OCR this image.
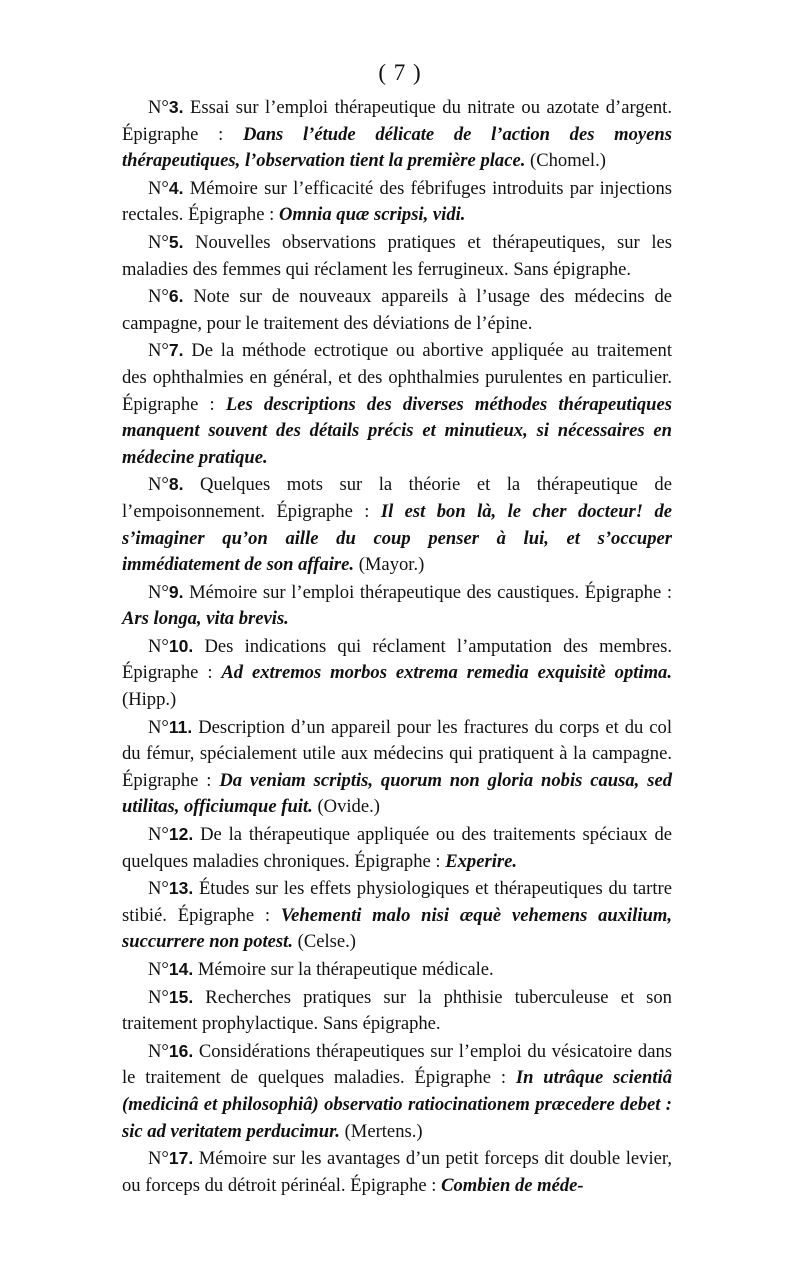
( 7 )

N°3. Essai sur l’emploi thérapeutique du nitrate ou azotate d’argent. Épigraphe : Dans l’étude délicate de l’action des moyens thérapeutiques, l’observation tient la première place. (Chomel.)

N°4. Mémoire sur l’efficacité des fébrifuges introduits par injections rectales. Épigraphe : Omnia quæ scripsi, vidi.

N°5. Nouvelles observations pratiques et thérapeutiques, sur les maladies des femmes qui réclament les ferrugineux. Sans épigraphe.

N°6. Note sur de nouveaux appareils à l’usage des médecins de campagne, pour le traitement des déviations de l’épine.

N°7. De la méthode ectrotique ou abortive appliquée au traitement des ophthalmies en général, et des ophthalmies purulentes en particulier. Épigraphe : Les descriptions des diverses méthodes thérapeutiques manquent souvent des détails précis et minutieux, si nécessaires en médecine pratique.

N°8. Quelques mots sur la théorie et la thérapeutique de l’empoisonnement. Épigraphe : Il est bon là, le cher docteur! de s’imaginer qu’on aille du coup penser à lui, et s’occuper immédiatement de son affaire. (Mayor.)

N°9. Mémoire sur l’emploi thérapeutique des caustiques. Épigraphe : Ars longa, vita brevis.

N°10. Des indications qui réclament l’amputation des membres. Épigraphe : Ad extremos morbos extrema remedia exquisitè optima. (Hipp.)

N°11. Description d’un appareil pour les fractures du corps et du col du fémur, spécialement utile aux médecins qui pratiquent à la campagne. Épigraphe : Da veniam scriptis, quorum non gloria nobis causa, sed utilitas, officiumque fuit. (Ovide.)

N°12. De la thérapeutique appliquée ou des traitements spéciaux de quelques maladies chroniques. Épigraphe : Experire.

N°13. Études sur les effets physiologiques et thérapeutiques du tartre stibié. Épigraphe : Vehementi malo nisi æquè vehemens auxilium, succurrere non potest. (Celse.)

N°14. Mémoire sur la thérapeutique médicale.

N°15. Recherches pratiques sur la phthisie tuberculeuse et son traitement prophylactique. Sans épigraphe.

N°16. Considérations thérapeutiques sur l’emploi du vésicatoire dans le traitement de quelques maladies. Épigraphe : In utrâque scientiâ (medicinâ et philosophiâ) observatio ratiocinationem præcedere debet : sic ad veritatem perducimur. (Mertens.)

N°17. Mémoire sur les avantages d’un petit forceps dit double levier, ou forceps du détroit périnéal. Épigraphe : Combien de méde-
